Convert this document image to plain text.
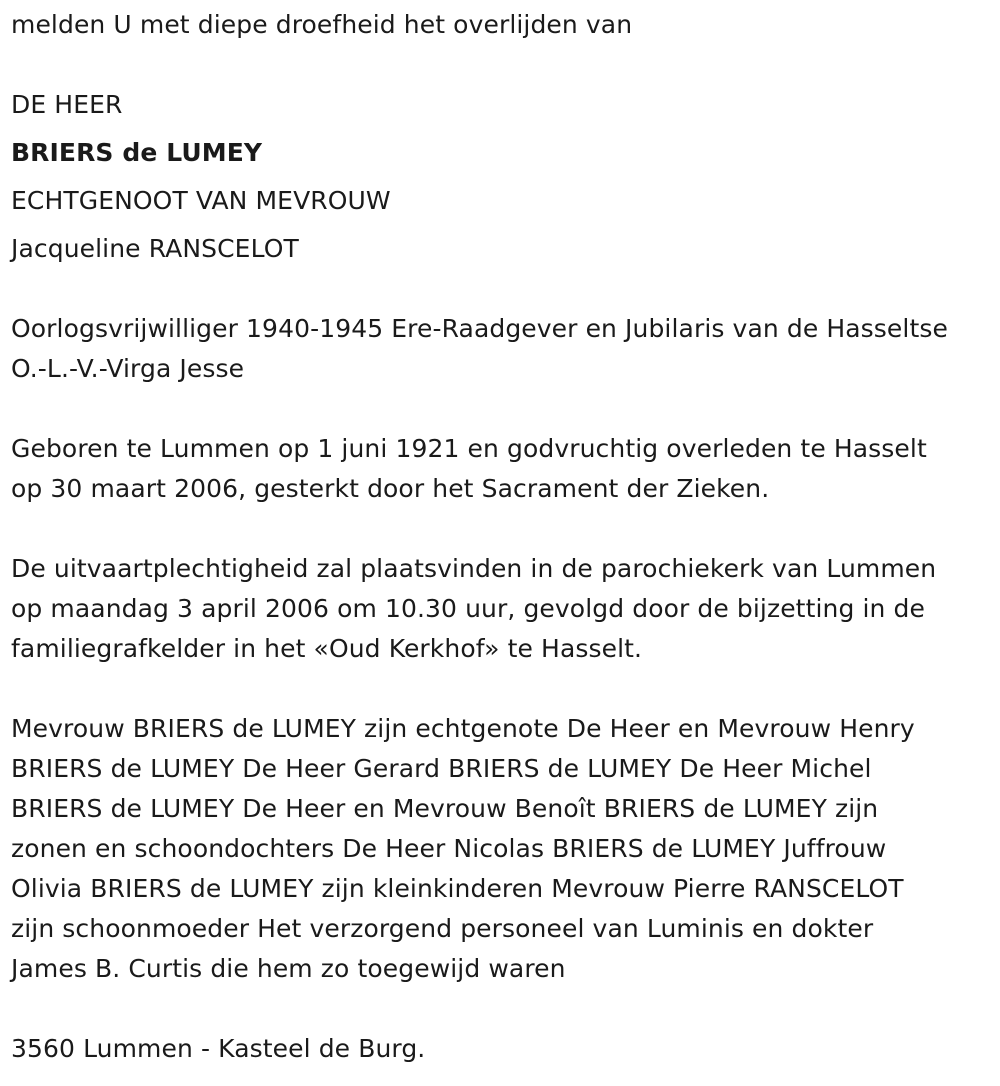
melden U met diepe droefheid het overlijden van
DE HEER
BRIERS de LUMEY
ECHTGENOOT VAN MEVROUW
Jacqueline RANSCELOT
Oorlogsvrijwilliger 1940-1945 Ere-Raadgever en Jubilaris van de Hasseltse
O.-L.-V.-Virga Jesse
Geboren te Lummen op 1 juni 1921 en godvruchtig overleden te Hasselt
op 30 maart 2006, gesterkt door het Sacrament der Zieken.
De uitvaartplechtigheid zal plaatsvinden in de parochiekerk van Lummen
op maandag 3 april 2006 om 10.30 uur, gevolgd door de bijzetting in de
familiegrafkelder in het «Oud Kerkhof» te Hasselt.
Mevrouw BRIERS de LUMEY zijn echtgenote De Heer en Mevrouw Henry
BRIERS de LUMEY De Heer Gerard BRIERS de LUMEY De Heer Michel
BRIERS de LUMEY De Heer en Mevrouw Benoît BRIERS de LUMEY zijn
zonen en schoondochters De Heer Nicolas BRIERS de LUMEY Juffrouw
Olivia BRIERS de LUMEY zijn kleinkinderen Mevrouw Pierre RANSCELOT
zijn schoonmoeder Het verzorgend personeel van Luminis en dokter
James B. Curtis die hem zo toegewijd waren
3560 Lummen - Kasteel de Burg.
